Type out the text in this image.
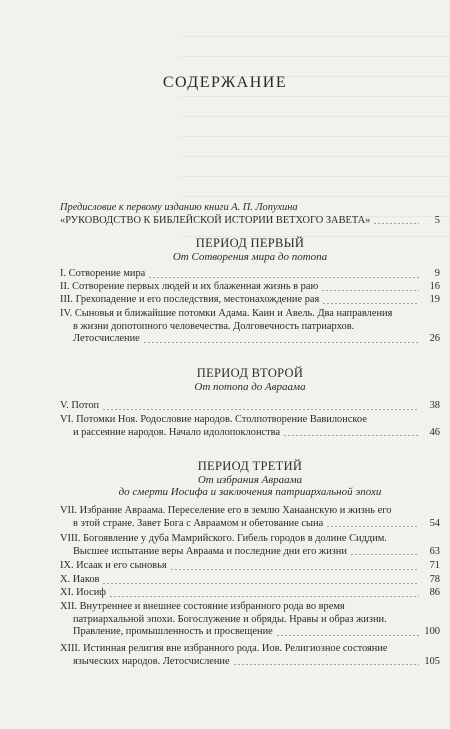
СОДЕРЖАНИЕ
Предисловие к первому изданию книги А. П. Лопухина
«РУКОВОДСТВО К БИБЛЕЙСКОЙ ИСТОРИИ ВЕТХОГО ЗАВЕТА»	5
ПЕРИОД ПЕРВЫЙ
От Сотворения мира до потопа
I. Сотворение мира	9
II. Сотворение первых людей и их блаженная жизнь в раю	16
III. Грехопадение и его последствия, местонахождение рая	19
IV. Сыновья и ближайшие потомки Адама. Каин и Авель. Два направления
в жизни допотопного человечества. Долговечность патриархов.
Летосчисление	26
ПЕРИОД ВТОРОЙ
От потопа до Авраама
V. Потоп	38
VI. Потомки Ноя. Родословие народов. Столпотворение Вавилонское
и рассеяние народов. Начало идолопоклонства	46
ПЕРИОД ТРЕТИЙ
От избрания Авраама
до смерти Иосифа и заключения патриархальной эпохи
VII. Избрание Авраама. Переселение его в землю Ханаанскую и жизнь его
в этой стране. Завет Бога с Авраамом и обетование сына	54
VIII. Богоявление у дуба Мамрийского. Гибель городов в долине Сиддим.
Высшее испытание веры Авраама и последние дни его жизни	63
IX. Исаак и его сыновья	71
X. Иаков	78
XI. Иосиф	86
XII. Внутреннее и внешнее состояние избранного рода во время
патриархальной эпохи. Богослужение и обряды. Нравы и образ жизни.
Правление, промышленность и просвещение	100
XIII. Истинная религия вне избранного рода. Иов. Религиозное состояние
языческих народов. Летосчисление	105
